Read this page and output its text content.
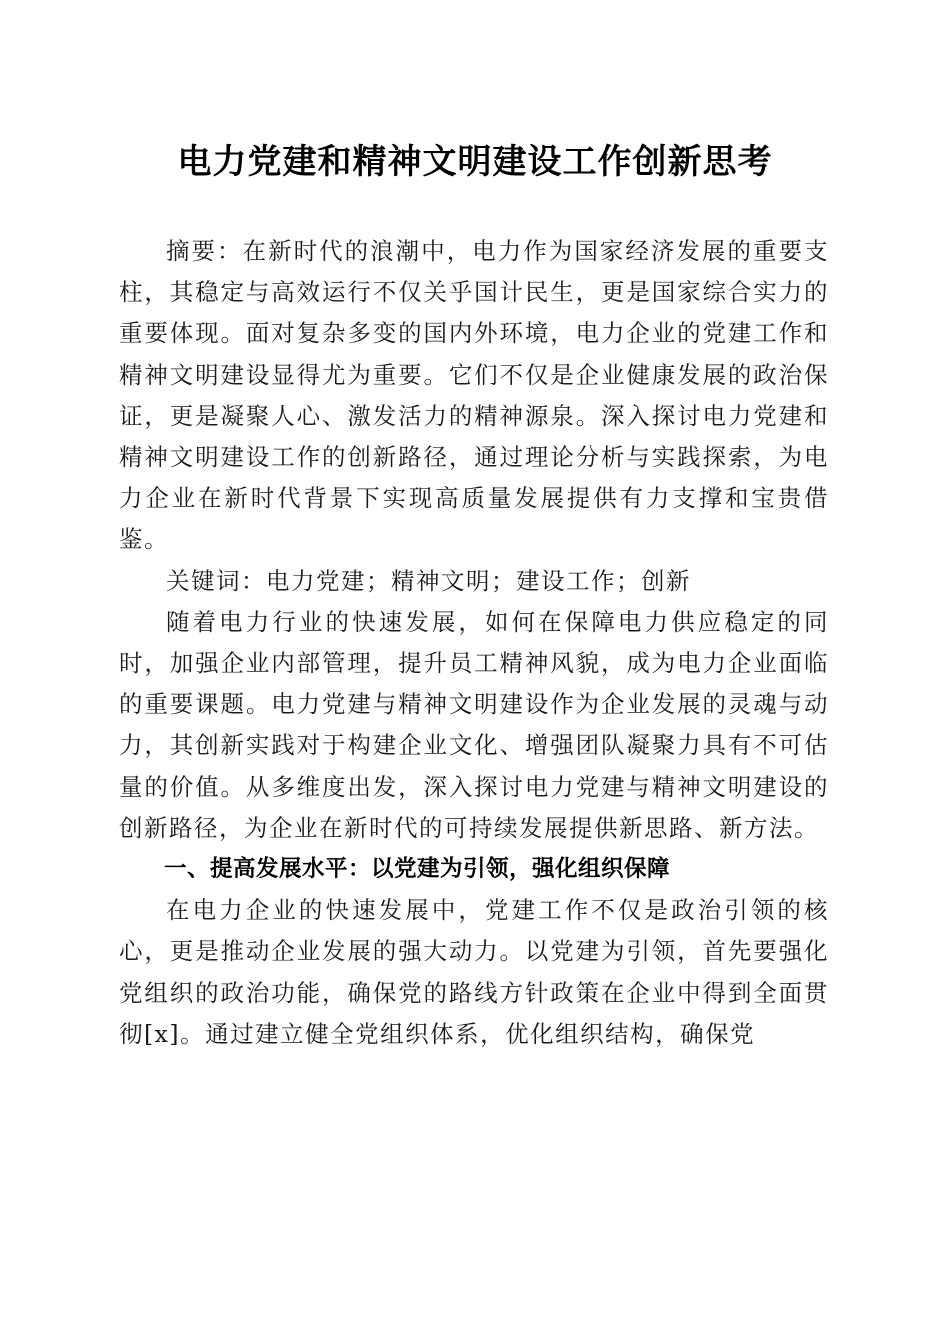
电力党建和精神文明建设工作创新思考

摘要：在新时代的浪潮中，电力作为国家经济发展的重要支柱，其稳定与高效运行不仅关乎国计民生，更是国家综合实力的重要体现。面对复杂多变的国内外环境，电力企业的党建工作和精神文明建设显得尤为重要。它们不仅是企业健康发展的政治保证，更是凝聚人心、激发活力的精神源泉。深入探讨电力党建和精神文明建设工作的创新路径，通过理论分析与实践探索，为电力企业在新时代背景下实现高质量发展提供有力支撑和宝贵借鉴。

关键词：电力党建；精神文明；建设工作；创新

随着电力行业的快速发展，如何在保障电力供应稳定的同时，加强企业内部管理，提升员工精神风貌，成为电力企业面临的重要课题。电力党建与精神文明建设作为企业发展的灵魂与动力，其创新实践对于构建企业文化、增强团队凝聚力具有不可估量的价值。从多维度出发，深入探讨电力党建与精神文明建设的创新路径，为企业在新时代的可持续发展提供新思路、新方法。

一、提高发展水平：以党建为引领，强化组织保障

在电力企业的快速发展中，党建工作不仅是政治引领的核心，更是推动企业发展的强大动力。以党建为引领，首先要强化党组织的政治功能，确保党的路线方针政策在企业中得到全面贯彻[x]。通过建立健全党组织体系，优化组织结构，确保党
